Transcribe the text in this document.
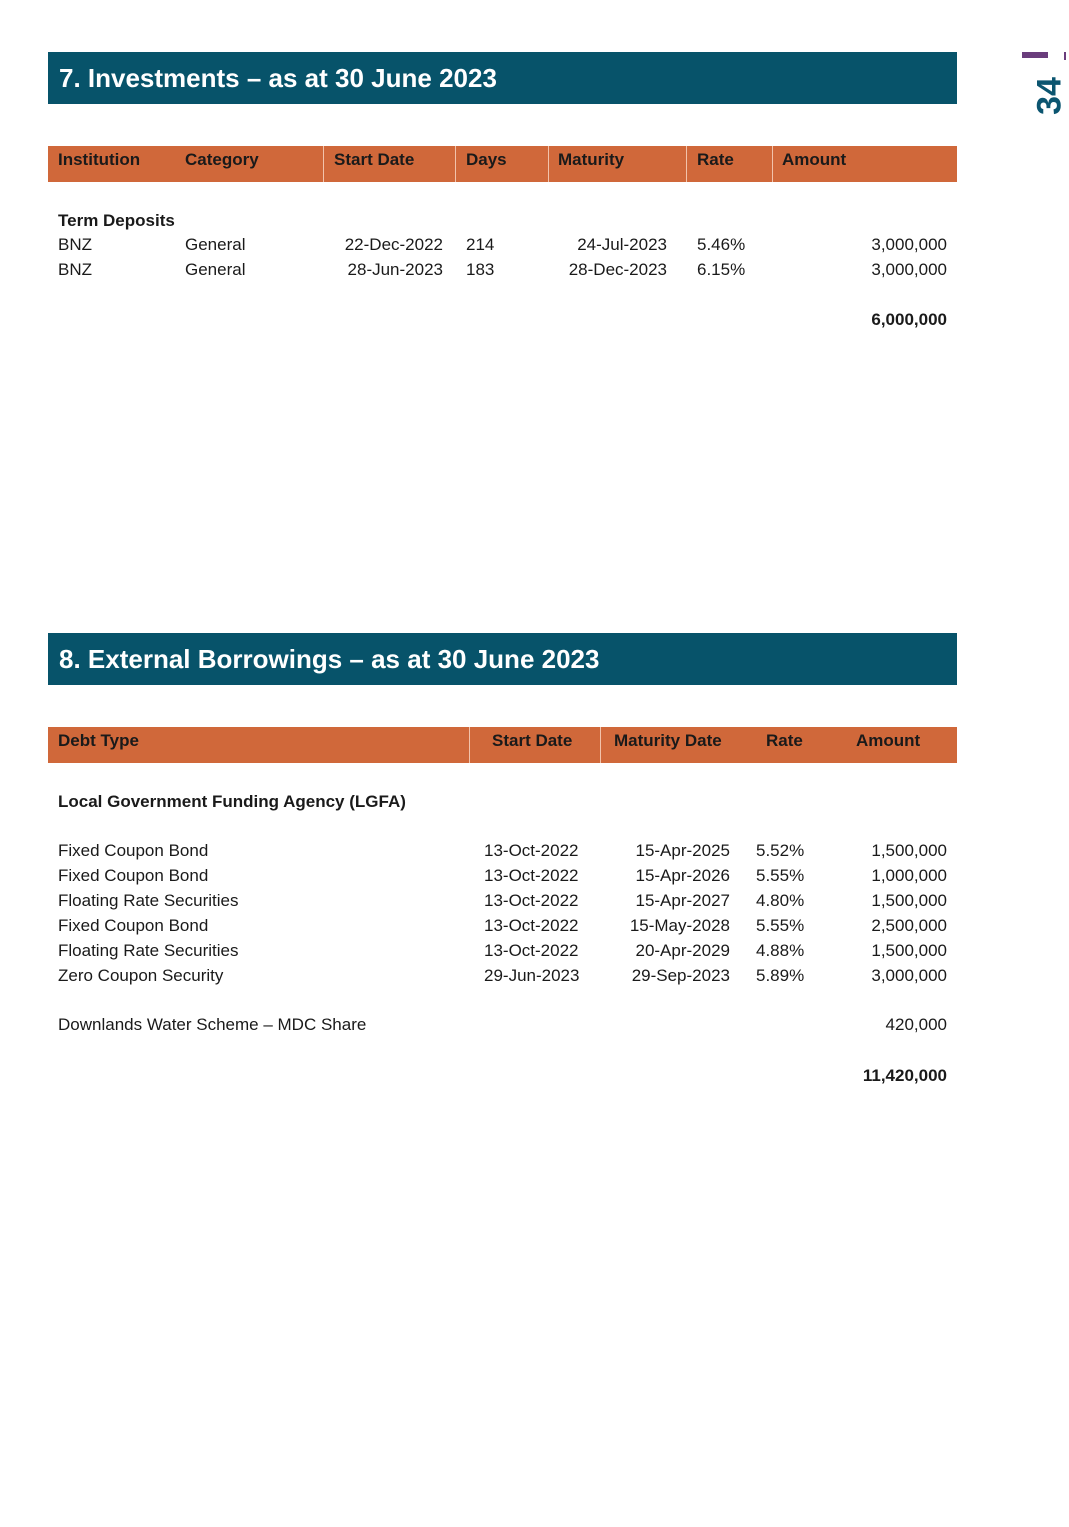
34
7. Investments – as at 30 June 2023
Institution	Category	Start Date	Days	Maturity	Rate	Amount
Term Deposits
BNZ	General	22-Dec-2022 214	24-Jul-2023 5.46%	3,000,000
BNZ	General	28-Jun-2023 183	28-Dec-2023 6.15%	3,000,000
6,000,000
8. External Borrowings – as at 30 June 2023
Debt Type	Start Date Maturity Date	Rate	Amount
Local Government Funding Agency (LGFA)
Fixed Coupon Bond	13-Oct-2022	15-Apr-2025 5.52%	1,500,000
Fixed Coupon Bond	13-Oct-2022	15-Apr-2026 5.55%	1,000,000
Floating Rate Securities	13-Oct-2022	15-Apr-2027 4.80%	1,500,000
Fixed Coupon Bond	13-Oct-2022	15-May-2028 5.55%	2,500,000
Floating Rate Securities	13-Oct-2022	20-Apr-2029 4.88%	1,500,000
Zero Coupon Security	29-Jun-2023	29-Sep-2023 5.89%	3,000,000
Downlands Water Scheme – MDC Share	420,000
11,420,000
